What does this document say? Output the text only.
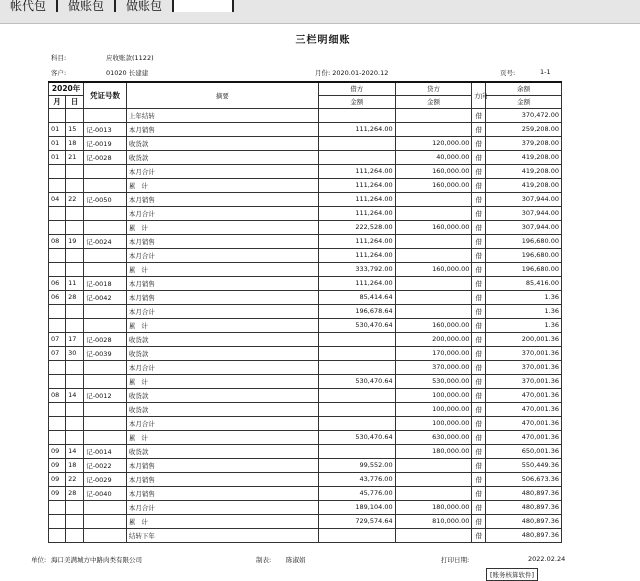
帐代包	做账包	做账包
三栏明细账
科目:	应收账款(1122)
客户:	01020 长建建	月份: 2020.01-2020.12	页号:	1-1
2020年		凭证号数	摘要	借方	贷方	方向	余额
月	日			金额	金额		金额
			上年结转			借	370,472.00
01	15	记-0013	本月销售	111,264.00		借	259,208.00
01	18	记-0019	收货款		120,000.00	借	379,208.00
01	21	记-0028	收货款		40,000.00	借	419,208.00
			本月合计	111,264.00	160,000.00	借	419,208.00
			累计	111,264.00	160,000.00	借	419,208.00
04	22	记-0050	本月销售	111,264.00		借	307,944.00
			本月合计	111,264.00		借	307,944.00
			累计	222,528.00	160,000.00	借	307,944.00
08	19	记-0024	本月销售	111,264.00		借	196,680.00
			本月合计	111,264.00		借	196,680.00
			累计	333,792.00	160,000.00	借	196,680.00
06	11	记-0018	本月销售	111,264.00		借	85,416.00
06	28	记-0042	本月销售	85,414.64		借	1.36
			本月合计	196,678.64		借	1.36
			累计	530,470.64	160,000.00	借	1.36
07	17	记-0028	收货款		200,000.00	借	200,001.36
07	30	记-0039	收货款		170,000.00	借	370,001.36
			本月合计		370,000.00	借	370,001.36
			累计	530,470.64	530,000.00	借	370,001.36
08	14	记-0012	收货款		100,000.00	借	470,001.36
			收货款		100,000.00	借	470,001.36
			本月合计		100,000.00	借	470,001.36
			累计	530,470.64	630,000.00	借	470,001.36
09	14	记-0014	收货款		180,000.00	借	650,001.36
09	18	记-0022	本月销售	99,552.00		借	550,449.36
09	22	记-0029	本月销售	43,776.00		借	506,673.36
09	28	记-0040	本月销售	45,776.00		借	480,897.36
			本月合计	189,104.00	180,000.00	借	480,897.36
			累计	729,574.64	810,000.00	借	480,897.36
			结转下年			借	480,897.36
单位: 海口美满城方中路肉类有限公司	制表: 陈淑娟	打印日期:	2022.02.24
[账务核算软件]
